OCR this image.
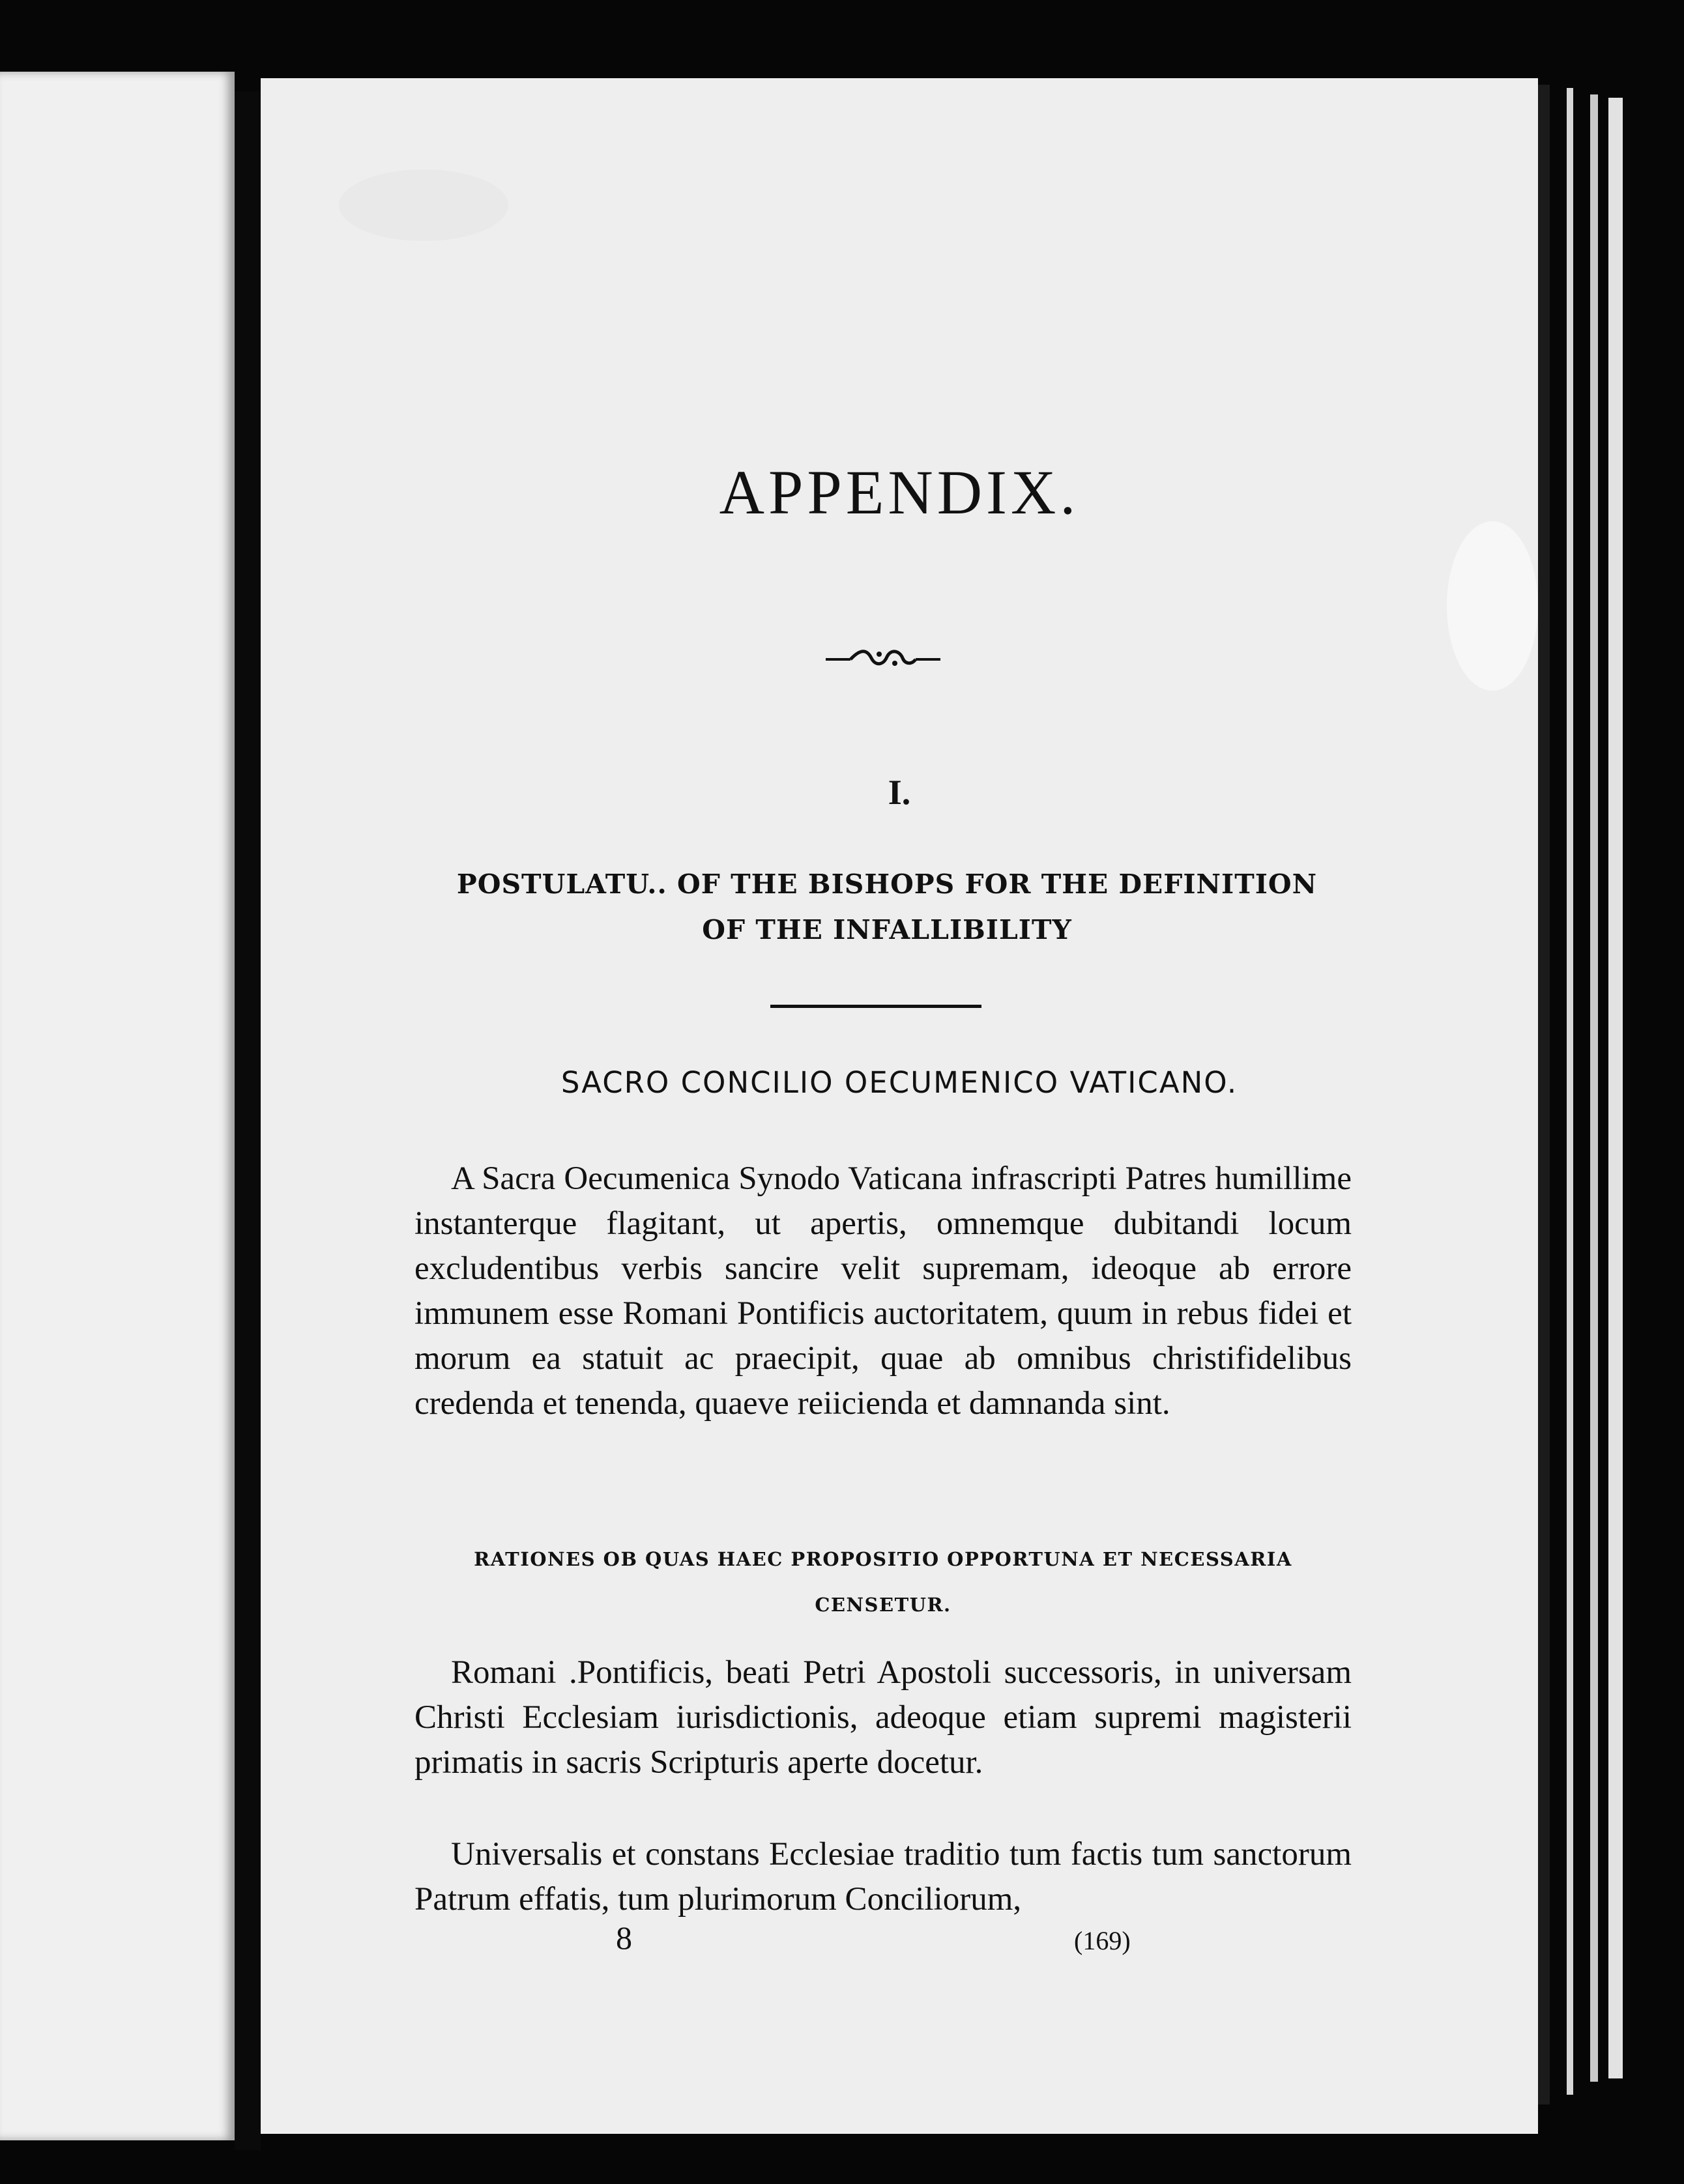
APPENDIX.
I.
POSTULATU.. OF THE BISHOPS FOR THE DEFINITION
OF THE INFALLIBILITY
SACRO CONCILIO OECUMENICO VATICANO.
A Sacra Oecumenica Synodo Vaticana infrascripti Patres humillime instanterque flagitant, ut apertis, omnemque dubitandi locum excludentibus verbis sancire velit supremam, ideoque ab errore immunem esse Romani Pontificis auctoritatem, quum in rebus fidei et morum ea statuit ac praecipit, quae ab omnibus christifidelibus credenda et tenenda, quaeve reiicienda et damnanda sint.
RATIONES OB QUAS HAEC PROPOSITIO OPPORTUNA ET NECESSARIA
CENSETUR.
Romani .Pontificis, beati Petri Apostoli successoris, in universam Christi Ecclesiam iurisdictionis, adeoque etiam supremi magisterii primatis in sacris Scripturis aperte docetur.
Universalis et constans Ecclesiae traditio tum factis tum sanctorum Patrum effatis, tum plurimorum Conciliorum,
8	(169)
